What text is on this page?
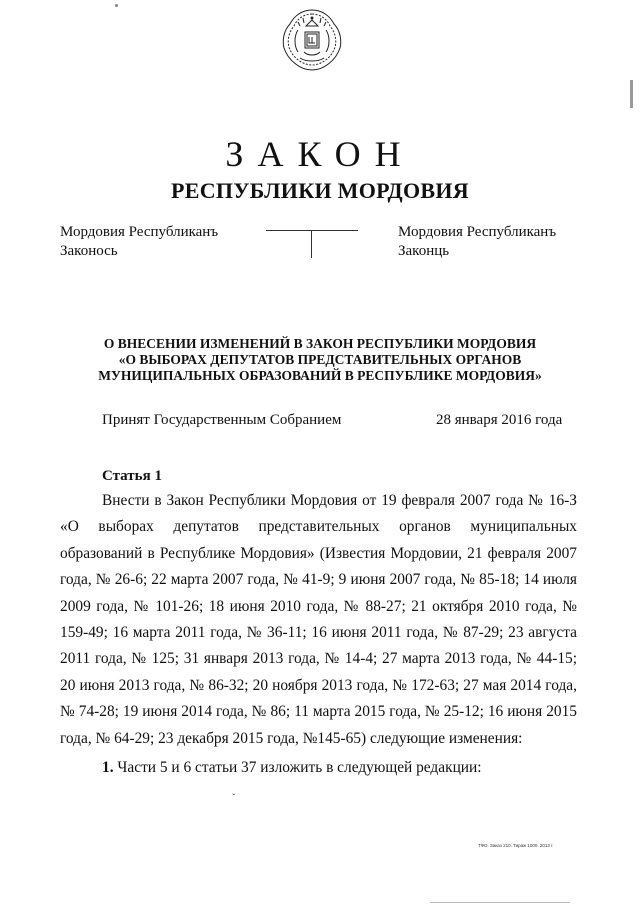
ЗАКОН
РЕСПУБЛИКИ МОРДОВИЯ
Мордовия Республиканъ
Законось
Мордовия Республиканъ
Законць
О ВНЕСЕНИИ ИЗМЕНЕНИЙ В ЗАКОН РЕСПУБЛИКИ МОРДОВИЯ
«О ВЫБОРАХ ДЕПУТАТОВ ПРЕДСТАВИТЕЛЬНЫХ ОРГАНОВ
МУНИЦИПАЛЬНЫХ ОБРАЗОВАНИЙ В РЕСПУБЛИКЕ МОРДОВИЯ»
Принят Государственным Собранием	28 января 2016 года
Статья 1

Внести в Закон Республики Мордовия от 19 февраля 2007 года № 16-З «О выборах депутатов представительных органов муниципальных образований в Республике Мордовия» (Известия Мордовии, 21 февраля 2007 года, № 26-6; 22 марта 2007 года, № 41-9; 9 июня 2007 года, № 85-18; 14 июля 2009 года, № 101-26; 18 июня 2010 года, № 88-27; 21 октября 2010 года, № 159-49; 16 марта 2011 года, № 36-11; 16 июня 2011 года, № 87-29; 23 августа 2011 года, № 125; 31 января 2013 года, № 14-4; 27 марта 2013 года, № 44-15; 20 июня 2013 года, № 86-32; 20 ноября 2013 года, № 172-63; 27 мая 2014 года, № 74-28; 19 июня 2014 года, № 86; 11 марта 2015 года, № 25-12; 16 июня 2015 года, № 64-29; 23 декабря 2015 года, №145-65) следующие изменения:

1. Части 5 и 6 статьи 37 изложить в следующей редакции:

ˇ
ТФО. Заказ 210. Тираж 1000. 2013 г.
